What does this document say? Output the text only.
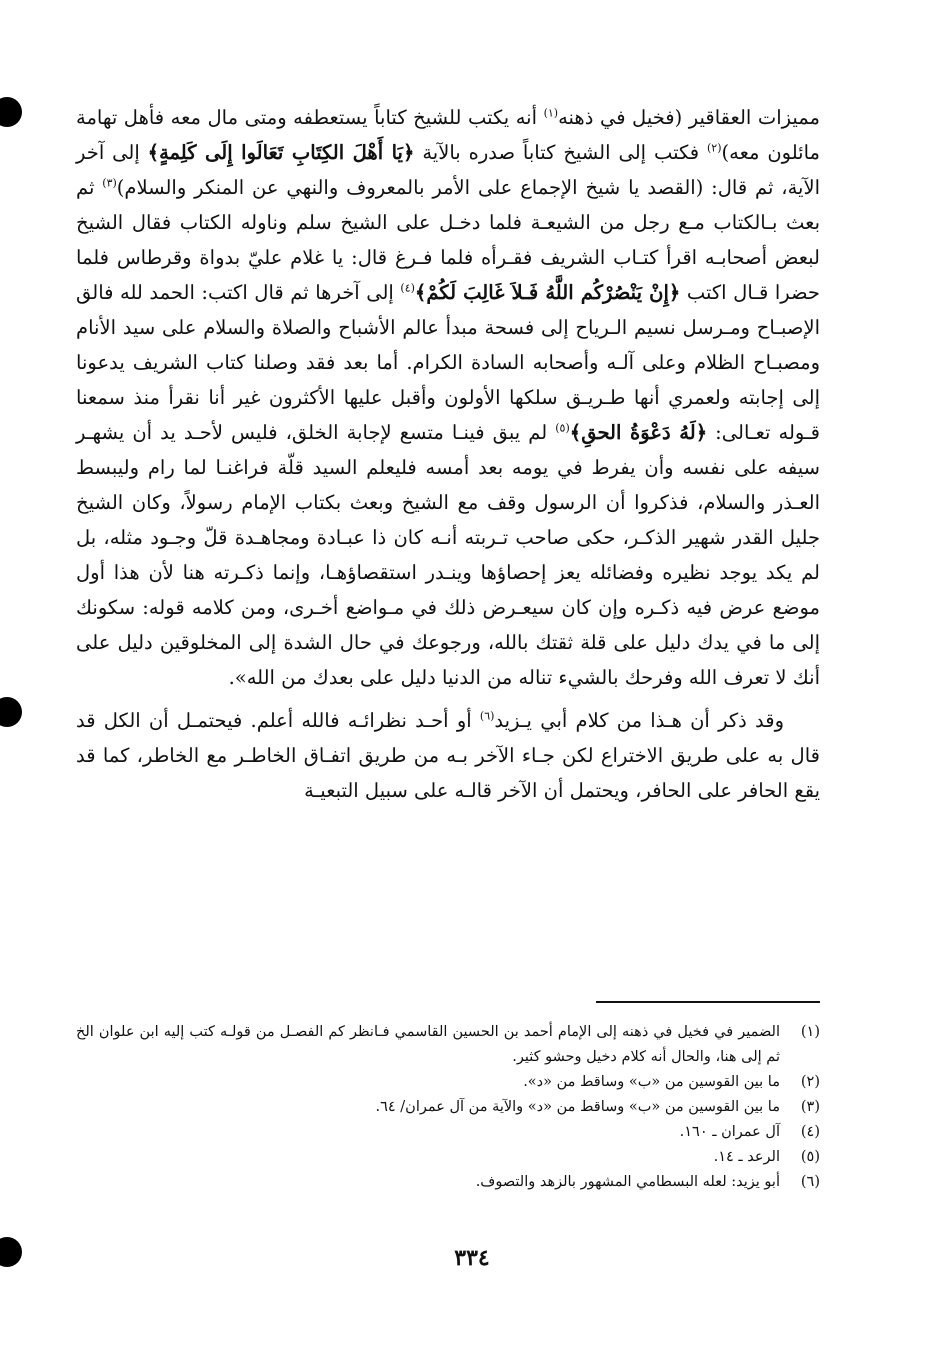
مميزات العقاقير (فخيل في ذهنه$^{(١)}$ أنه يكتب للشيخ كتاباً يستعطفه ومتى مال معه فأهل تهامة مائلون معه)$^{(٢)}$ فكتب إلى الشيخ كتاباً صدره بالآية ﴿يَا أَهْلَ الكِتَابِ تَعَالَوا إِلَى كَلِمةٍ﴾ إلى آخر الآية، ثم قال: (القصد يا شيخ الإجماع على الأمر بالمعروف والنهي عن المنكر والسلام)$^{(٣)}$ ثم بعث بـالكتاب مـع رجل من الشيعـة فلما دخـل على الشيخ سلم وناوله الكتاب فقال الشيخ لبعض أصحابـه اقرأ كتـاب الشريف فقـرأه فلما فـرغ قال: يا غلام عليّ بدواة وقرطاس فلما حضرا قـال اكتب ﴿إِنْ يَنْصُرْكُم اللَّهُ فَـلاَ غَالِبَ لَكُمْ﴾$^{(٤)}$ إلى آخرها ثم قال اكتب: الحمد لله فالق الإصبـاح ومـرسل نسيم الـرياح إلى فسحة مبدأ عالم الأشباح والصلاة والسلام على سيد الأنام ومصبـاح الظلام وعلى آلـه وأصحابه السادة الكرام. أما بعد فقد وصلنا كتاب الشريف يدعونا إلى إجابته ولعمري أنها طـريـق سلكها الأولون وأقبل عليها الأكثرون غير أنا نقرأ منذ سمعنا قـوله تعـالى: ﴿لَهُ دَعْوَةُ الحقِ﴾$^{(٥)}$ لم يبق فينـا متسع لإجابة الخلق، فليس لأحـد يد أن يشهـر سيفه على نفسه وأن يفرط في يومه بعد أمسه فليعلم السيد قلّة فراغنـا لما رام وليبسط العـذر والسلام، فذكروا أن الرسول وقف مع الشيخ وبعث بكتاب الإمام رسولاً، وكان الشيخ جليل القدر شهير الذكـر، حكى صاحب تـربته أنـه كان ذا عبـادة ومجاهـدة قلّ وجـود مثله، بل لم يكد يوجد نظيره وفضائله يعز إحصاؤها وينـدر استقصاؤهـا، وإنما ذكـرته هنا لأن هذا أول موضع عرض فيه ذكـره وإن كان سيعـرض ذلك في مـواضع أخـرى، ومن كلامه قوله: سكونك إلى ما في يدك دليل على قلة ثقتك بالله، ورجوعك في حال الشدة إلى المخلوقين دليل على أنك لا تعرف الله وفرحك بالشيء تناله من الدنيا دليل على بعدك من الله».

وقد ذكر أن هـذا من كلام أبي يـزيد$^{(٦)}$ أو أحـد نظرائـه فالله أعلم. فيحتمـل أن الكل قد قال به على طريق الاختراع لكن جـاء الآخر بـه من طريق اتفـاق الخاطـر مع الخاطر، كما قد يقع الحافر على الحافر، ويحتمل أن الآخر قالـه على سبيل التبعيـة

(١)
الضمير في فخيل في ذهنه إلى الإمام أحمد بن الحسين القاسمي فـانظر كم الفصـل من قولـه كتب إليه ابن علوان الخ ثم إلى هنا، والحال أنه كلام دخيل وحشو كثير.
(٢)
ما بين القوسين من «ب» وساقط من «د».
(٣)
ما بين القوسين من «ب» وساقط من «د» والآية من آل عمران/ ٦٤.
(٤)
آل عمران ـ ١٦٠.
(٥)
الرعد ـ ١٤.
(٦)
أبو يزيد: لعله البسطامي المشهور بالزهد والتصوف.
٣٣٤
